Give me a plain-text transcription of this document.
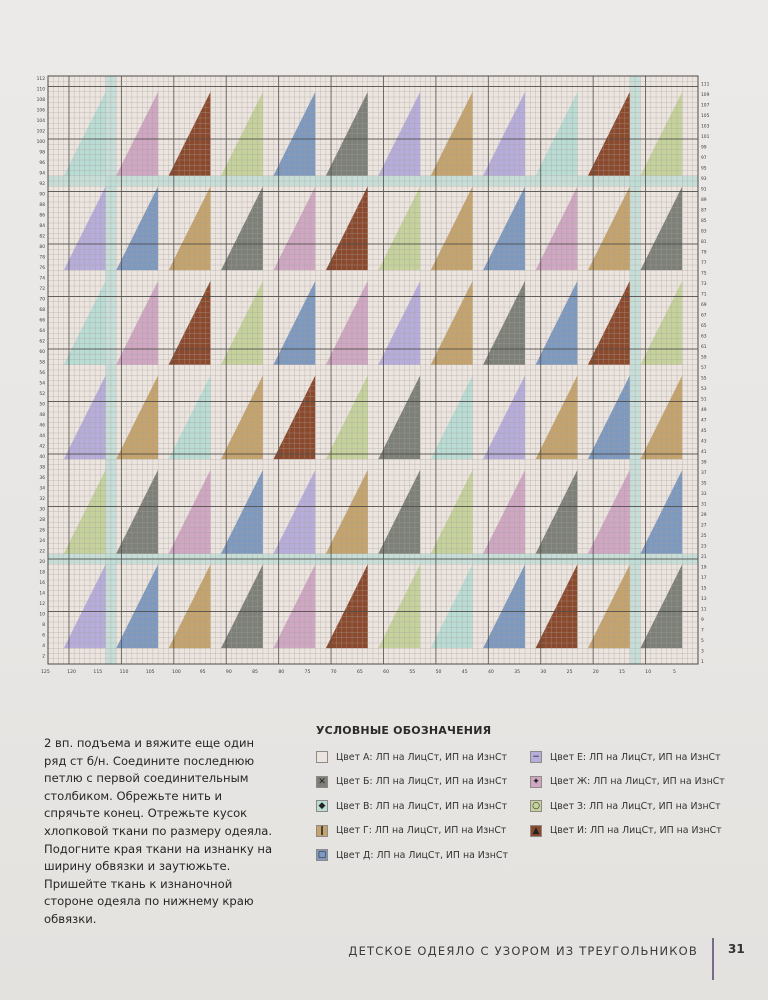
1
3
5
7
9
11
13
15
17
19
21
23
25
27
29
31
33
35
37
39
41
43
45
47
49
51
53
55
57
59
61
63
65
67
69
71
73
75
77
79
81
83
85
87
89
91
93
95
97
99
101
103
105
107
109
111
2
4
6
8
10
12
14
16
18
20
22
24
26
28
30
32
34
36
38
40
42
44
46
48
50
52
54
56
58
60
62
64
66
68
70
72
74
76
78
80
82
84
86
88
90
92
94
96
98
100
102
104
106
108
110
112
125	120	115	110	105	100	95	90	85	80	75	70	65	60	55	50	45	40	35	30	25	20	15	10	5
2 вп. подъема и вяжите еще один ряд ст б/н. Соедините последнюю петлю с первой соединительным столбиком. Обрежьте нить и спрячьте конец. Отрежьте кусок хлопковой ткани по размеру одеяла. Подогните края ткани на изнанку на ширину обвязки и заутюжьте. Пришейте ткань к изнаночной стороне одеяла по нижнему краю обвязки.
УСЛОВНЫЕ ОБОЗНАЧЕНИЯ
Цвет А: ЛП на ЛицСт, ИП на ИзнСт
✕ Цвет Б: ЛП на ЛицСт, ИП на ИзнСт
◆ Цвет В: ЛП на ЛицСт, ИП на ИзнСт
❙ Цвет Г: ЛП на ЛицСт, ИП на ИзнСт
▢ Цвет Д: ЛП на ЛицСт, ИП на ИзнСт
− Цвет Е: ЛП на ЛицСт, ИП на ИзнСт
✦ Цвет Ж: ЛП на ЛицСт, ИП на ИзнСт
○ Цвет З: ЛП на ЛицСт, ИП на ИзнСт
▲ Цвет И: ЛП на ЛицСт, ИП на ИзнСт
ДЕТСКОЕ ОДЕЯЛО С УЗОРОМ ИЗ ТРЕУГОЛЬНИКОВ	31
